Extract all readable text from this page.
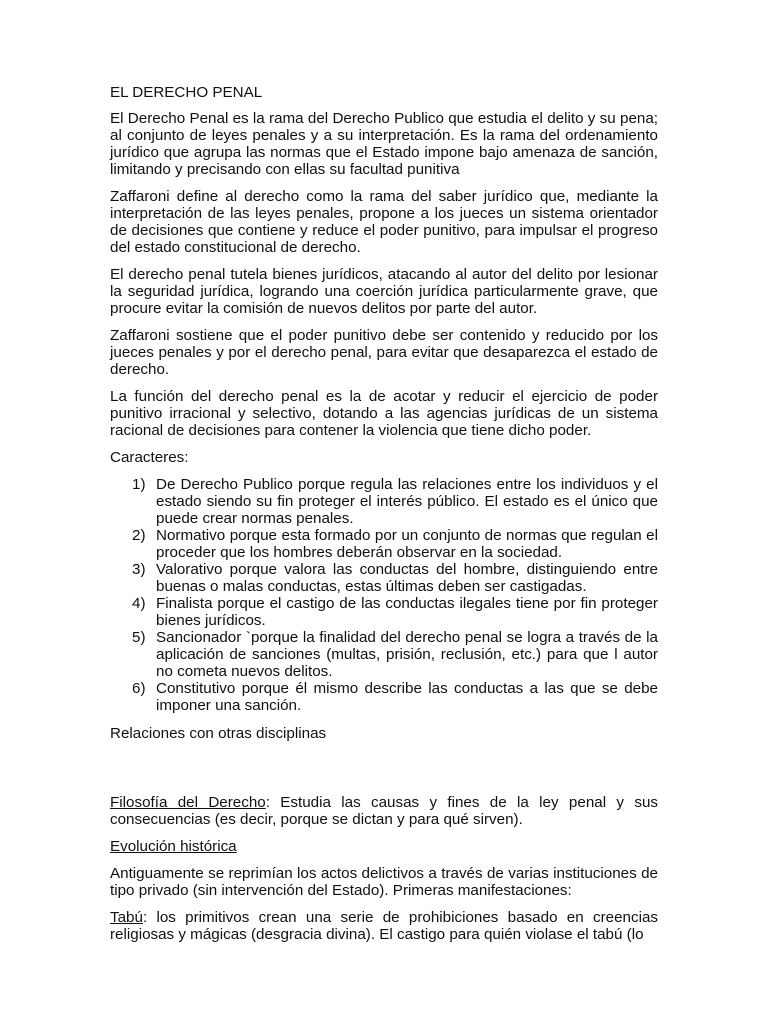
EL DERECHO PENAL

El Derecho Penal es la rama del Derecho Publico que estudia el delito y su pena; al conjunto de leyes penales y a su interpretación. Es la rama del ordenamiento jurídico que agrupa las normas que el Estado impone bajo amenaza de sanción, limitando y precisando con ellas su facultad punitiva

Zaffaroni define al derecho como la rama del saber jurídico que, mediante la interpretación de las leyes penales, propone a los jueces un sistema orientador de decisiones que contiene y reduce el poder punitivo, para impulsar el progreso del estado constitucional de derecho.

El derecho penal tutela bienes jurídicos, atacando al autor del delito por lesionar la seguridad jurídica, logrando una coerción jurídica particularmente grave, que procure evitar la comisión de nuevos delitos por parte del autor.

Zaffaroni sostiene que el poder punitivo debe ser contenido y reducido por los jueces penales y por el derecho penal, para evitar que desaparezca el estado de derecho.

La función del derecho penal es la de acotar y reducir el ejercicio de poder punitivo irracional y selectivo, dotando a las agencias jurídicas de un sistema racional de decisiones para contener la violencia que tiene dicho poder.

Caracteres:

1) De Derecho Publico porque regula las relaciones entre los individuos y el estado siendo su fin proteger el interés público. El estado es el único que puede crear normas penales.
2) Normativo porque esta formado por un conjunto de normas que regulan el proceder que los hombres deberán observar en la sociedad.
3) Valorativo porque valora las conductas del hombre, distinguiendo entre buenas o malas conductas, estas últimas deben ser castigadas.
4) Finalista porque el castigo de las conductas ilegales tiene por fin proteger bienes jurídicos.
5) Sancionador `porque la finalidad del derecho penal se logra a través de la aplicación de sanciones (multas, prisión, reclusión, etc.) para que l autor no cometa nuevos delitos.
6) Constitutivo porque él mismo describe las conductas a las que se debe imponer una sanción.

Relaciones con otras disciplinas

Filosofía del Derecho: Estudia las causas y fines de la ley penal y sus consecuencias (es decir, porque se dictan y para qué sirven).

Evolución histórica

Antiguamente se reprimían los actos delictivos a través de varias instituciones de tipo privado (sin intervención del Estado). Primeras manifestaciones:

Tabú: los primitivos crean una serie de prohibiciones basado en creencias religiosas y mágicas (desgracia divina). El castigo para quién violase el tabú (lo
